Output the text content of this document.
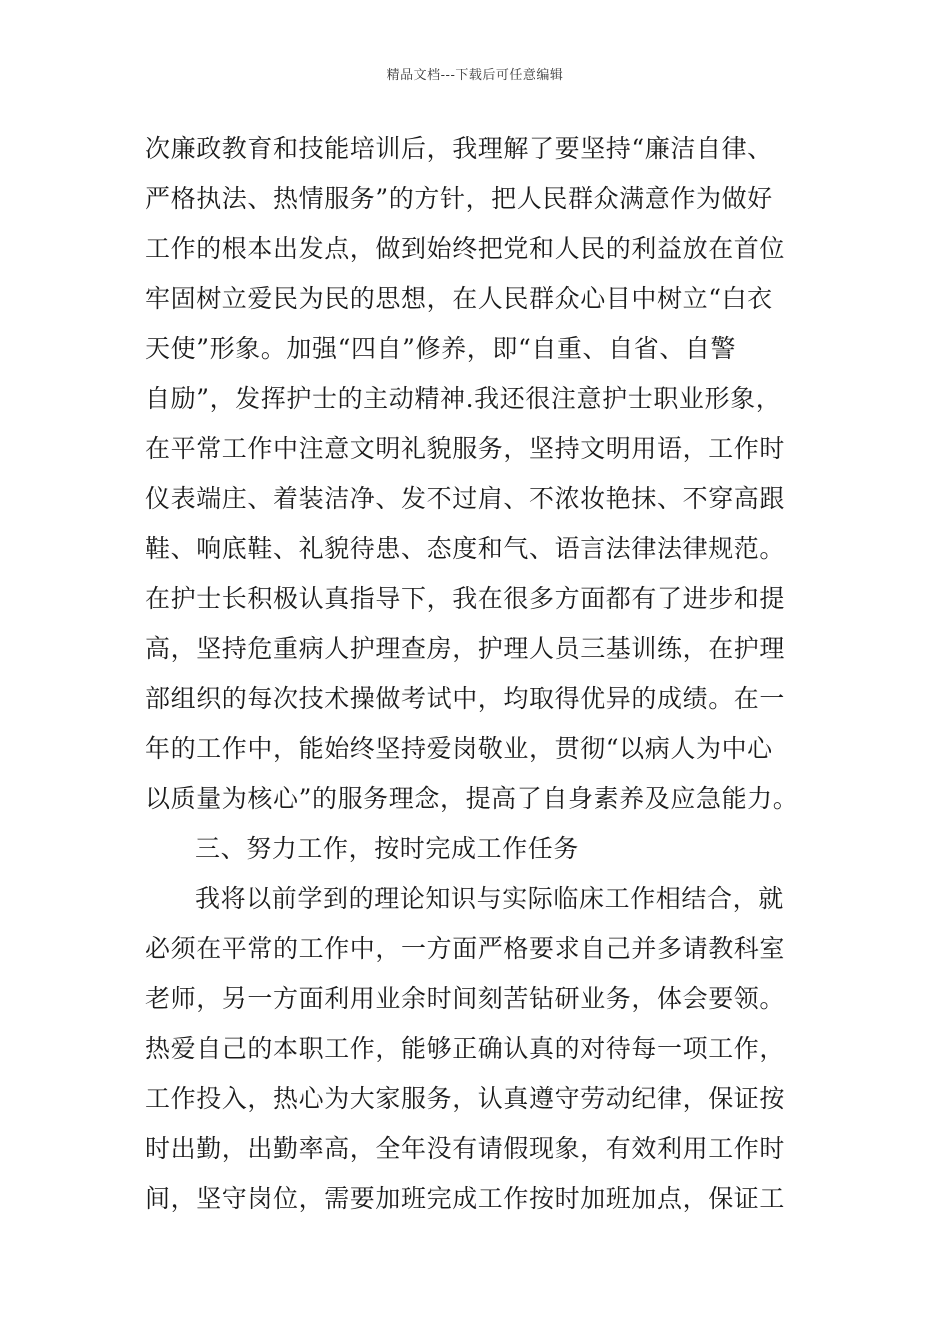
精品文档---下载后可任意编辑
次廉政教育和技能培训后，我理解了要坚持“廉洁自律、
严格执法、热情服务”的方针，把人民群众满意作为做好
工作的根本出发点，做到始终把党和人民的利益放在首位
牢固树立爱民为民的思想，在人民群众心目中树立“白衣
天使”形象。加强“四自”修养，即“自重、自省、自警
自励”，发挥护士的主动精神.我还很注意护士职业形象，
在平常工作中注意文明礼貌服务，坚持文明用语，工作时
仪表端庄、着装洁净、发不过肩、不浓妆艳抹、不穿高跟
鞋、响底鞋、礼貌待患、态度和气、语言法律法律规范。
在护士长积极认真指导下，我在很多方面都有了进步和提
高，坚持危重病人护理查房，护理人员三基训练，在护理
部组织的每次技术操做考试中，均取得优异的成绩。在一
年的工作中，能始终坚持爱岗敬业，贯彻“以病人为中心
以质量为核心”的服务理念，提高了自身素养及应急能力。
三、努力工作，按时完成工作任务
我将以前学到的理论知识与实际临床工作相结合，就
必须在平常的工作中，一方面严格要求自己并多请教科室
老师，另一方面利用业余时间刻苦钻研业务，体会要领。
热爱自己的本职工作，能够正确认真的对待每一项工作，
工作投入，热心为大家服务，认真遵守劳动纪律，保证按
时出勤，出勤率高，全年没有请假现象，有效利用工作时
间，坚守岗位，需要加班完成工作按时加班加点，保证工
